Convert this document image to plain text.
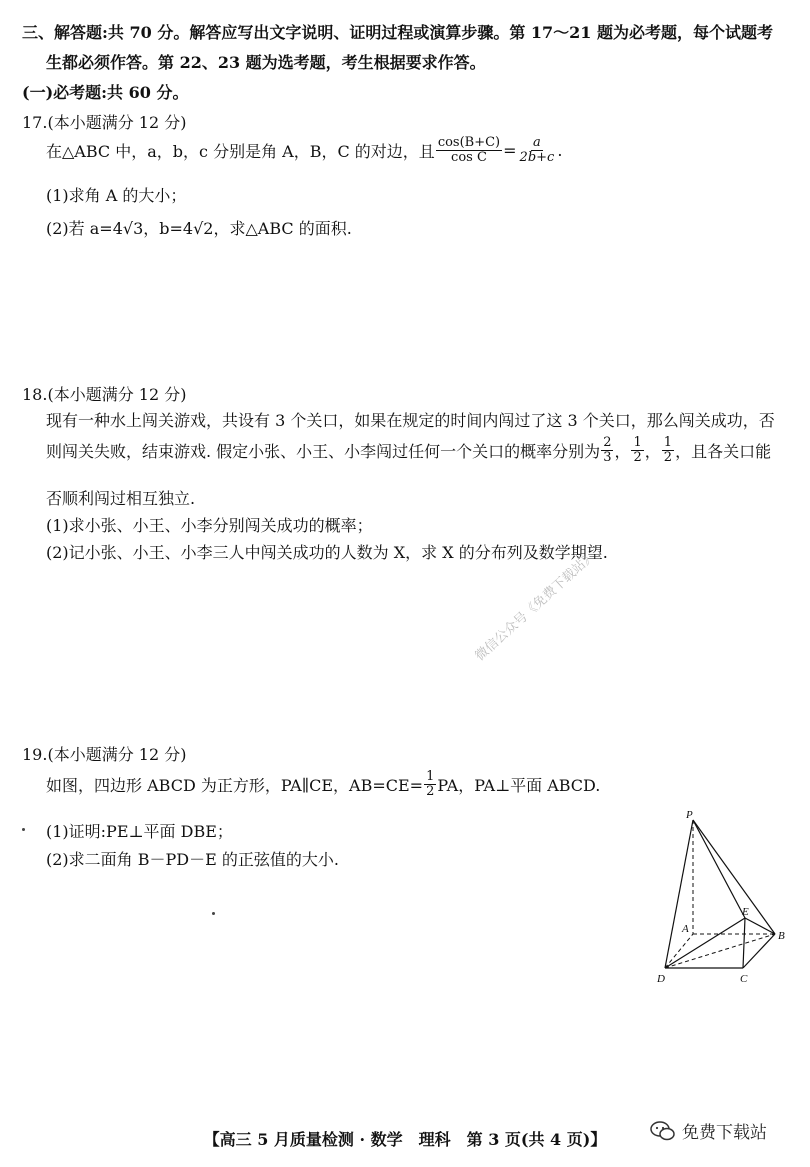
三、解答题:共 70 分。解答应写出文字说明、证明过程或演算步骤。第 17～21 题为必考题，每个试题考
生都必须作答。第 22、23 题为选考题，考生根据要求作答。
(一)必考题:共 60 分。
17.(本小题满分 12 分)
在△ABC 中，a，b，c 分别是角 A，B，C 的对边，且 $\frac{\cos(B+C)}{\text{cos C}} = \frac{a}{2b+c}$ .
(1)求角 A 的大小；
(2)若 a=4√3，b=4√2，求△ABC 的面积.
18.(本小题满分 12 分)
现有一种水上闯关游戏，共设有 3 个关口，如果在规定的时间内闯过了这 3 个关口，那么闯关成功，否
则闯关失败，结束游戏. 假定小张、小王、小李闯过任何一个关口的概率分别为 $\frac{2}{3}$ ， $\frac{1}{2}$ ， $\frac{1}{2}$ ，且各关口能
否顺利闯过相互独立.
(1)求小张、小王、小李分别闯关成功的概率；
(2)记小张、小王、小李三人中闯关成功的人数为 X，求 X 的分布列及数学期望.
微信公众号《免费下载站》
19.(本小题满分 12 分)
如图，四边形 ABCD 为正方形，PA∥CE，$AB=CE= \frac{1}{2}$ PA，PA⊥平面 ABCD.
(1)证明:PE⊥平面 DBE；
(2)求二面角 B－PD－E 的正弦值的大小.
P
A
B
C
D
E
【高三 5 月质量检测 · 数学　理科　第 3 页(共 4 页)】	免费下载站
